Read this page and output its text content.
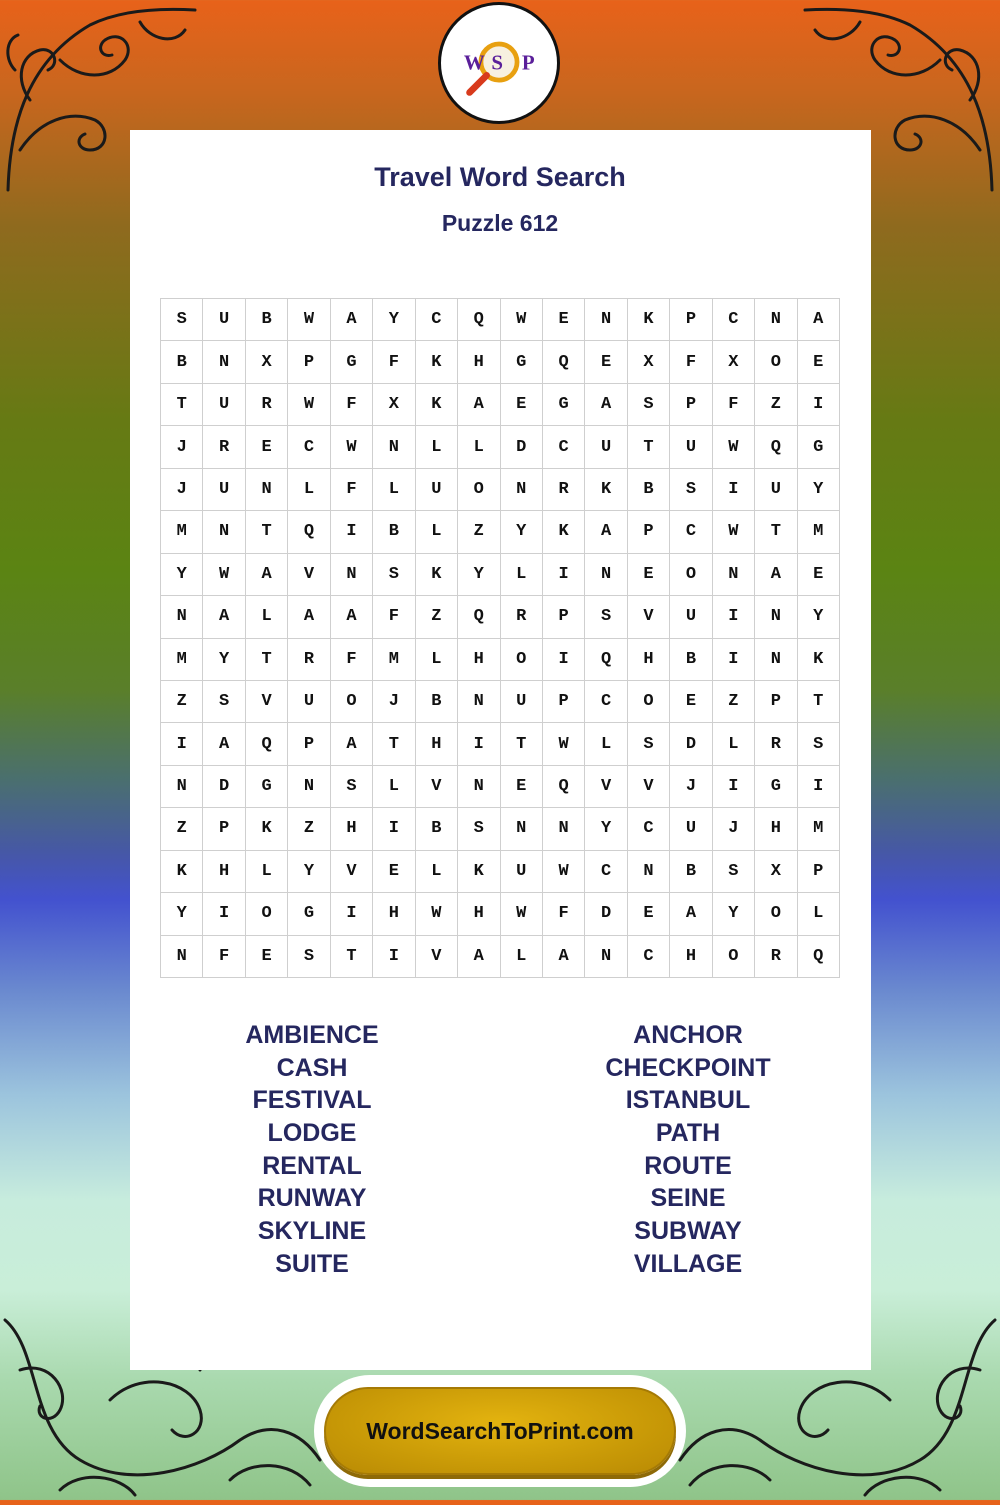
W S P
Travel Word Search
Puzzle 612
S	U	B	W	A	Y	C	Q	W	E	N	K	P	C	N	A
B	N	X	P	G	F	K	H	G	Q	E	X	F	X	O	E
T	U	R	W	F	X	K	A	E	G	A	S	P	F	Z	I
J	R	E	C	W	N	L	L	D	C	U	T	U	W	Q	G
J	U	N	L	F	L	U	O	N	R	K	B	S	I	U	Y
M	N	T	Q	I	B	L	Z	Y	K	A	P	C	W	T	M
Y	W	A	V	N	S	K	Y	L	I	N	E	O	N	A	E
N	A	L	A	A	F	Z	Q	R	P	S	V	U	I	N	Y
M	Y	T	R	F	M	L	H	O	I	Q	H	B	I	N	K
Z	S	V	U	O	J	B	N	U	P	C	O	E	Z	P	T
I	A	Q	P	A	T	H	I	T	W	L	S	D	L	R	S
N	D	G	N	S	L	V	N	E	Q	V	V	J	I	G	I
Z	P	K	Z	H	I	B	S	N	N	Y	C	U	J	H	M
K	H	L	Y	V	E	L	K	U	W	C	N	B	S	X	P
Y	I	O	G	I	H	W	H	W	F	D	E	A	Y	O	L
N	F	E	S	T	I	V	A	L	A	N	C	H	O	R	Q
AMBIENCE
CASH
FESTIVAL
LODGE
RENTAL
RUNWAY
SKYLINE
SUITE
ANCHOR
CHECKPOINT
ISTANBUL
PATH
ROUTE
SEINE
SUBWAY
VILLAGE
WordSearchToPrint.com
